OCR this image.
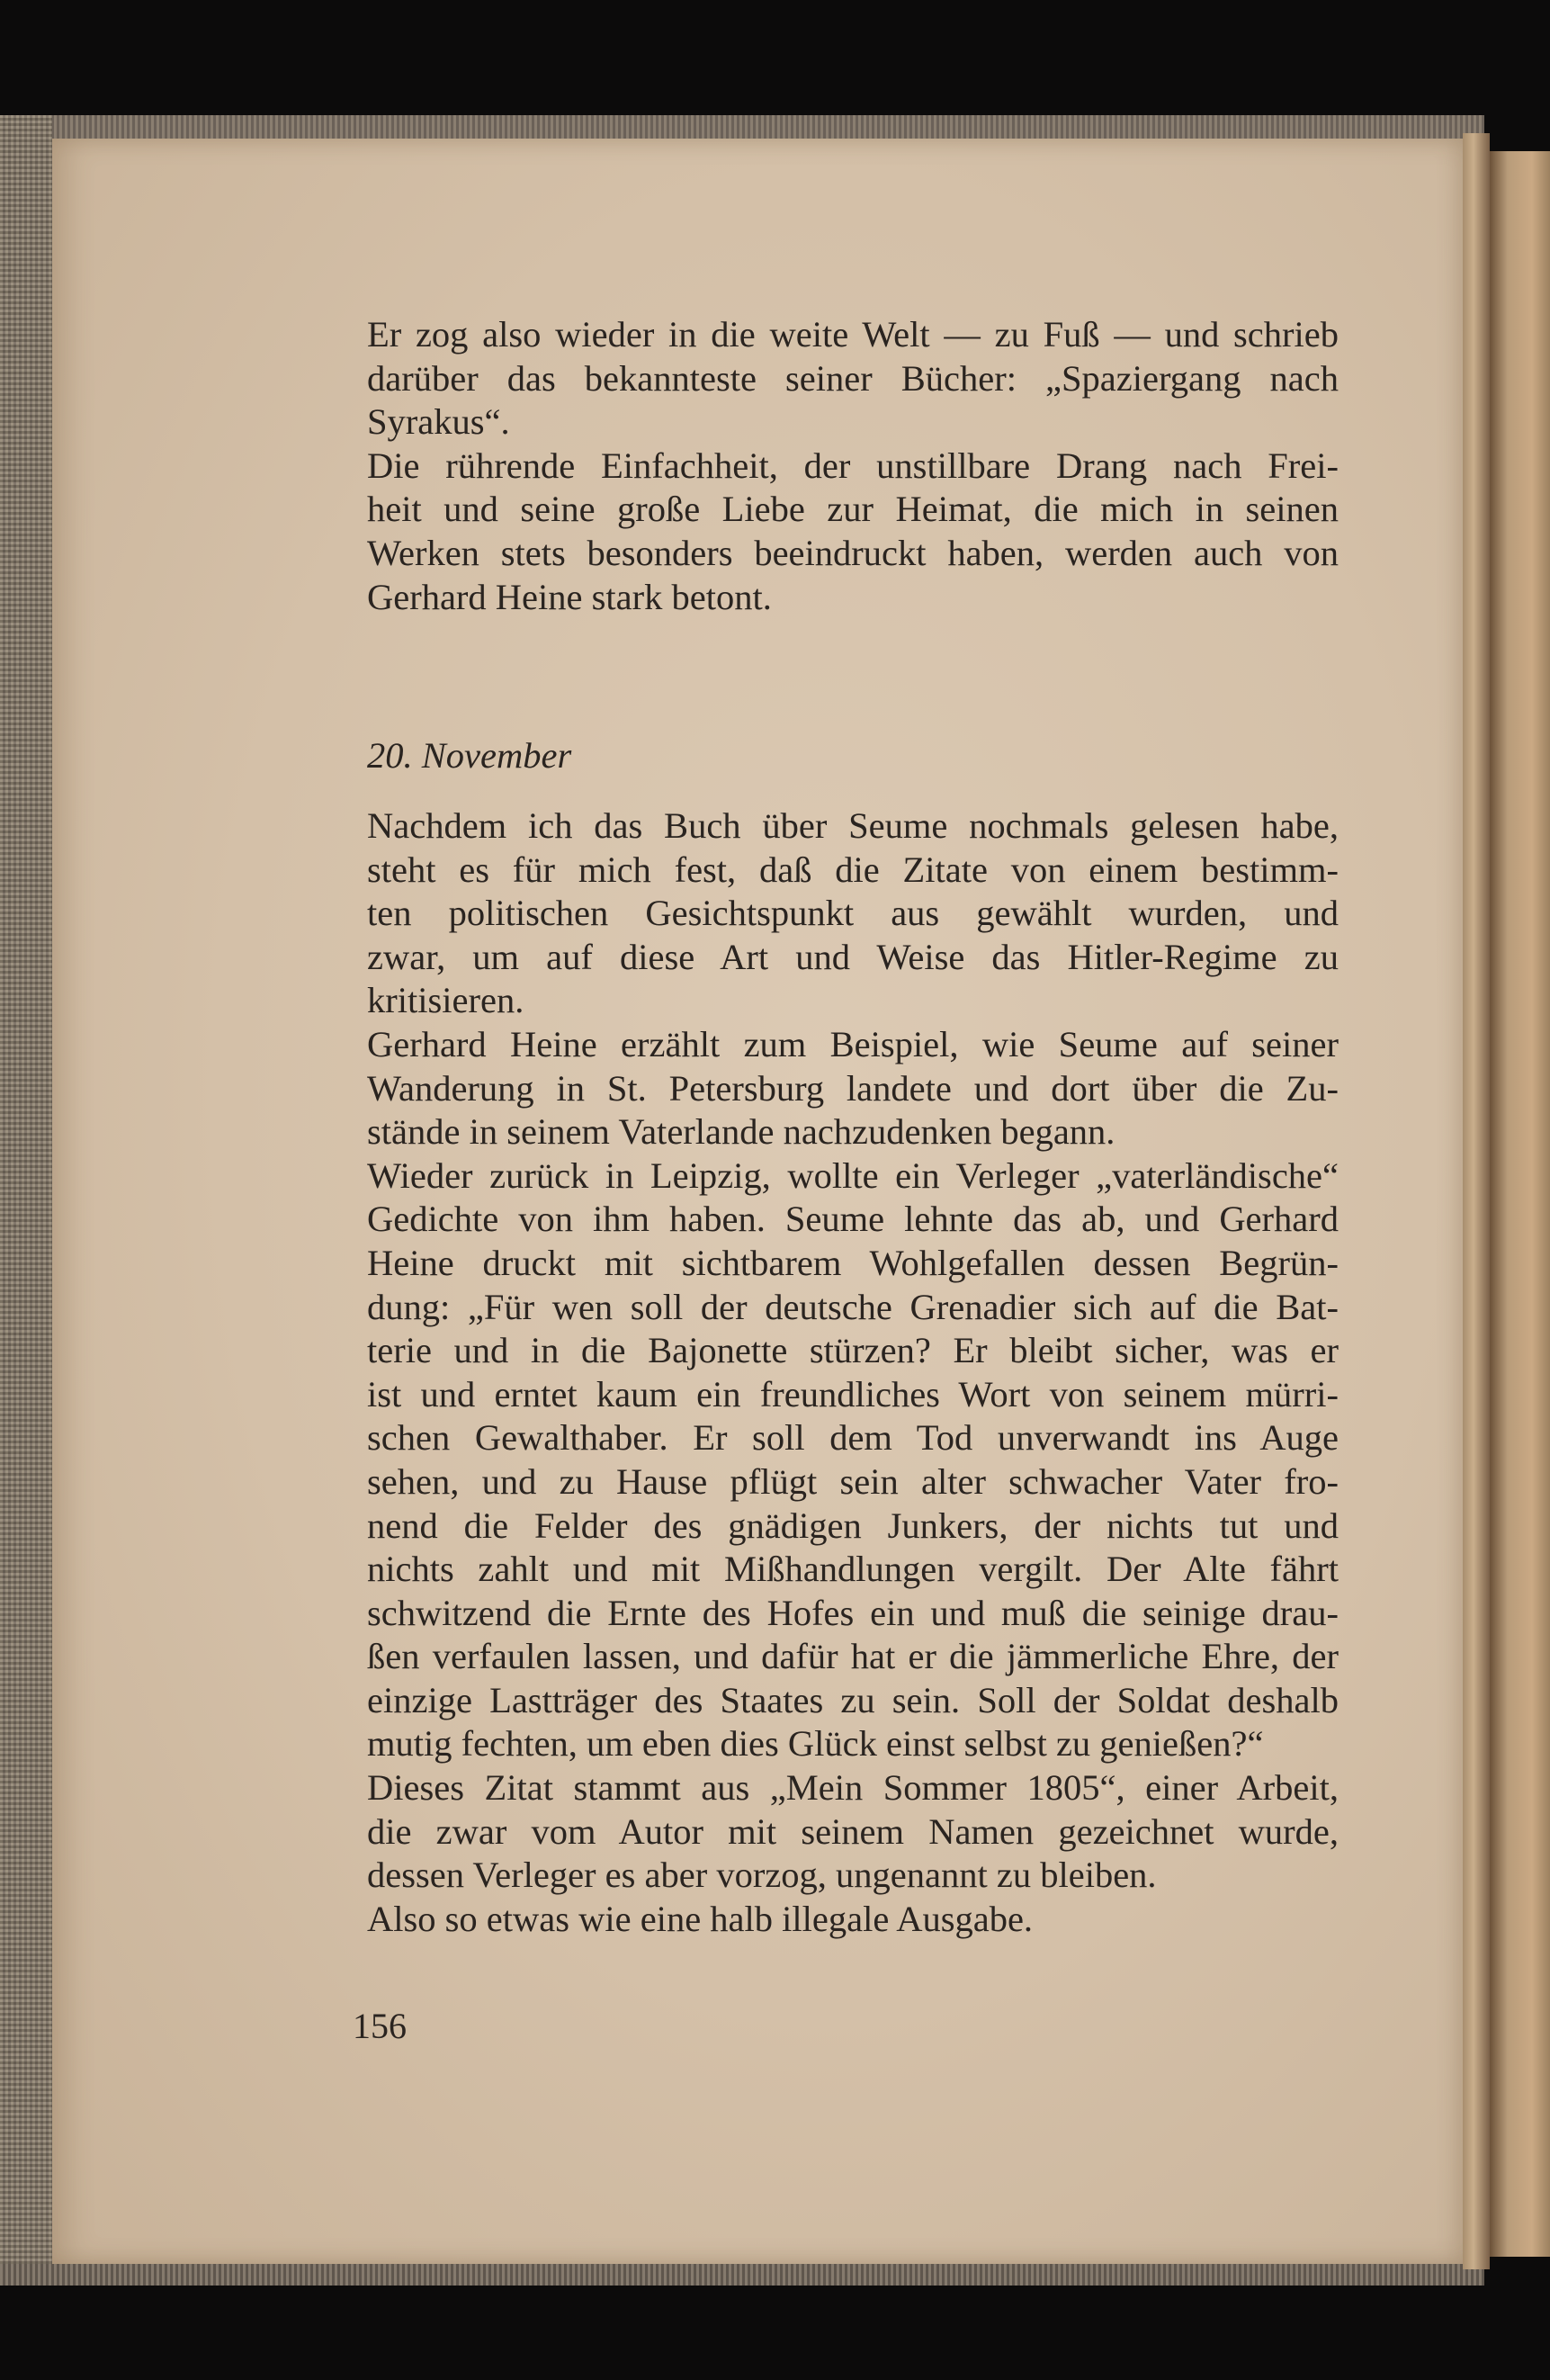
Er zog also wieder in die weite Welt — zu Fuß — und schrieb
darüber das bekannteste seiner Bücher: „Spaziergang nach
Syrakus“.
Die rührende Einfachheit, der unstillbare Drang nach Frei-
heit und seine große Liebe zur Heimat, die mich in seinen
Werken stets besonders beeindruckt haben, werden auch von
Gerhard Heine stark betont.
20. November
Nachdem ich das Buch über Seume nochmals gelesen habe,
steht es für mich fest, daß die Zitate von einem bestimm-
ten politischen Gesichtspunkt aus gewählt wurden, und
zwar, um auf diese Art und Weise das Hitler-Regime zu
kritisieren.
Gerhard Heine erzählt zum Beispiel, wie Seume auf seiner
Wanderung in St. Petersburg landete und dort über die Zu-
stände in seinem Vaterlande nachzudenken begann.
Wieder zurück in Leipzig, wollte ein Verleger „vaterländische“
Gedichte von ihm haben. Seume lehnte das ab, und Gerhard
Heine druckt mit sichtbarem Wohlgefallen dessen Begrün-
dung: „Für wen soll der deutsche Grenadier sich auf die Bat-
terie und in die Bajonette stürzen? Er bleibt sicher, was er
ist und erntet kaum ein freundliches Wort von seinem mürri-
schen Gewalthaber. Er soll dem Tod unverwandt ins Auge
sehen, und zu Hause pflügt sein alter schwacher Vater fro-
nend die Felder des gnädigen Junkers, der nichts tut und
nichts zahlt und mit Mißhandlungen vergilt. Der Alte fährt
schwitzend die Ernte des Hofes ein und muß die seinige drau-
ßen verfaulen lassen, und dafür hat er die jämmerliche Ehre, der
einzige Lastträger des Staates zu sein. Soll der Soldat deshalb
mutig fechten, um eben dies Glück einst selbst zu genießen?“
Dieses Zitat stammt aus „Mein Sommer 1805“, einer Arbeit,
die zwar vom Autor mit seinem Namen gezeichnet wurde,
dessen Verleger es aber vorzog, ungenannt zu bleiben.
Also so etwas wie eine halb illegale Ausgabe.
156
